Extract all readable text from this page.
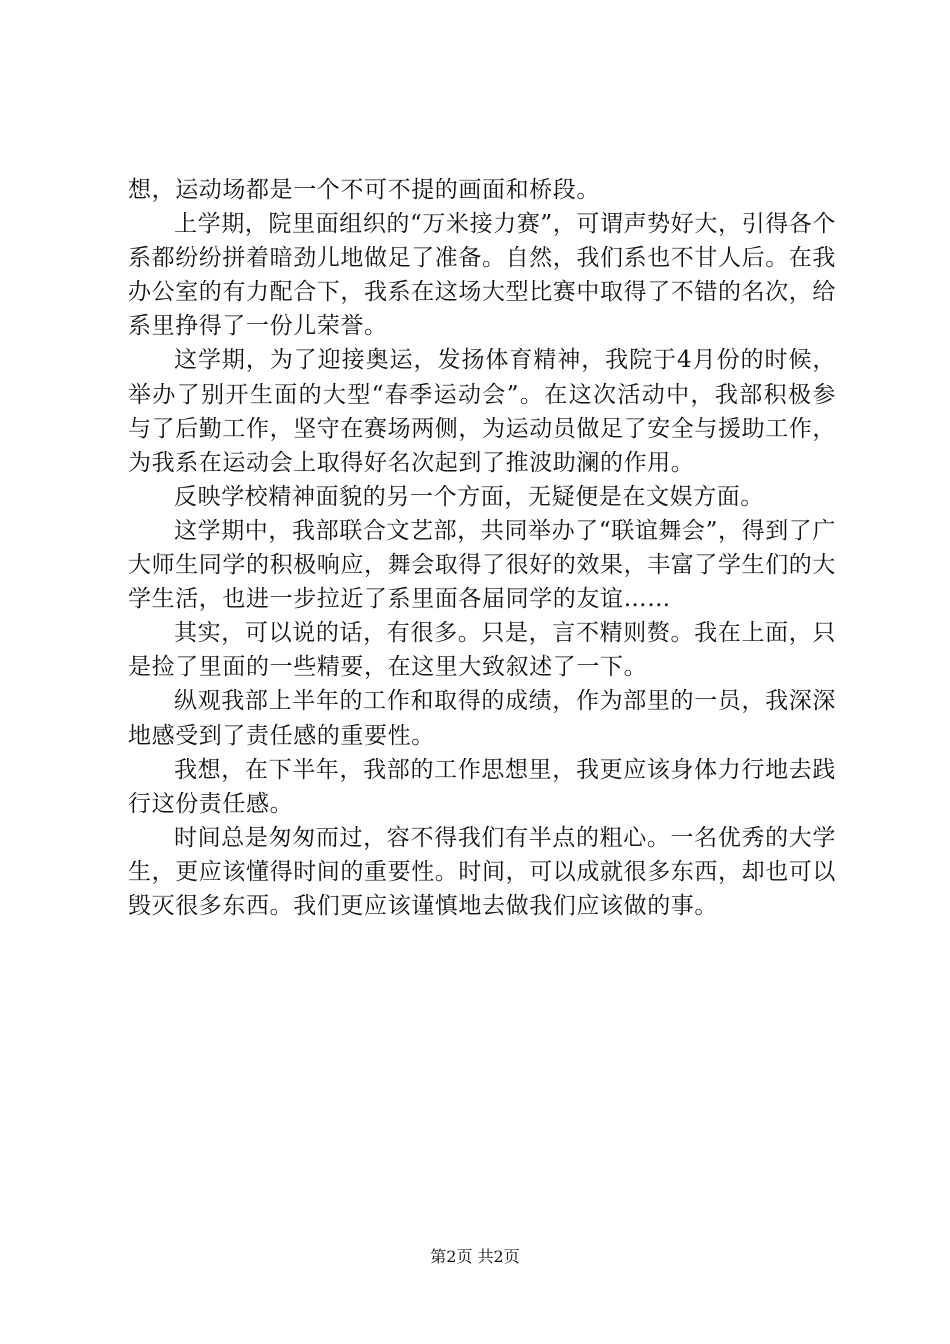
想，运动场都是一个不可不提的画面和桥段。

上学期，院里面组织的“万米接力赛”，可谓声势好大，引得各个系都纷纷拼着暗劲儿地做足了准备。自然，我们系也不甘人后。在我办公室的有力配合下，我系在这场大型比赛中取得了不错的名次，给系里挣得了一份儿荣誉。

这学期，为了迎接奥运，发扬体育精神，我院于4月份的时候，举办了别开生面的大型“春季运动会”。在这次活动中，我部积极参与了后勤工作，坚守在赛场两侧，为运动员做足了安全与援助工作，为我系在运动会上取得好名次起到了推波助澜的作用。

反映学校精神面貌的另一个方面，无疑便是在文娱方面。

这学期中，我部联合文艺部，共同举办了“联谊舞会”，得到了广大师生同学的积极响应，舞会取得了很好的效果，丰富了学生们的大学生活，也进一步拉近了系里面各届同学的友谊……

其实，可以说的话，有很多。只是，言不精则赘。我在上面，只是捡了里面的一些精要，在这里大致叙述了一下。

纵观我部上半年的工作和取得的成绩，作为部里的一员，我深深地感受到了责任感的重要性。

我想，在下半年，我部的工作思想里，我更应该身体力行地去践行这份责任感。

时间总是匆匆而过，容不得我们有半点的粗心。一名优秀的大学生，更应该懂得时间的重要性。时间，可以成就很多东西，却也可以毁灭很多东西。我们更应该谨慎地去做我们应该做的事。

第2页 共2页
